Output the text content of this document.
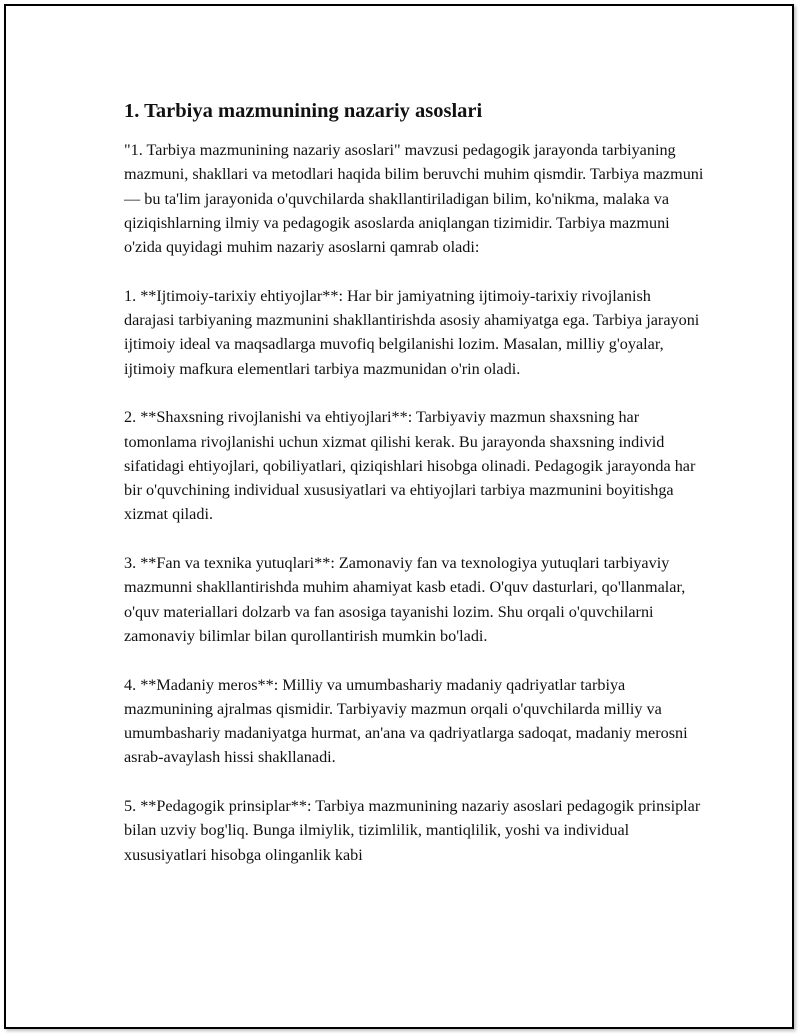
1. Tarbiya mazmunining nazariy asoslari

"1. Tarbiya mazmunining nazariy asoslari" mavzusi pedagogik jarayonda tarbiyaning mazmuni, shakllari va metodlari haqida bilim beruvchi muhim qismdir. Tarbiya mazmuni — bu ta'lim jarayonida o'quvchilarda shakllantiriladigan bilim, ko'nikma, malaka va qiziqishlarning ilmiy va pedagogik asoslarda aniqlangan tizimidir. Tarbiya mazmuni o'zida quyidagi muhim nazariy asoslarni qamrab oladi:

1. **Ijtimoiy-tarixiy ehtiyojlar**: Har bir jamiyatning ijtimoiy-tarixiy rivojlanish darajasi tarbiyaning mazmunini shakllantirishda asosiy ahamiyatga ega. Tarbiya jarayoni ijtimoiy ideal va maqsadlarga muvofiq belgilanishi lozim. Masalan, milliy g'oyalar, ijtimoiy mafkura elementlari tarbiya mazmunidan o'rin oladi.

2. **Shaxsning rivojlanishi va ehtiyojlari**: Tarbiyaviy mazmun shaxsning har tomonlama rivojlanishi uchun xizmat qilishi kerak. Bu jarayonda shaxsning individ sifatidagi ehtiyojlari, qobiliyatlari, qiziqishlari hisobga olinadi. Pedagogik jarayonda har bir o'quvchining individual xususiyatlari va ehtiyojlari tarbiya mazmunini boyitishga xizmat qiladi.

3. **Fan va texnika yutuqlari**: Zamonaviy fan va texnologiya yutuqlari tarbiyaviy mazmunni shakllantirishda muhim ahamiyat kasb etadi. O'quv dasturlari, qo'llanmalar, o'quv materiallari dolzarb va fan asosiga tayanishi lozim. Shu orqali o'quvchilarni zamonaviy bilimlar bilan qurollantirish mumkin bo'ladi.

4. **Madaniy meros**: Milliy va umumbashariy madaniy qadriyatlar tarbiya mazmunining ajralmas qismidir. Tarbiyaviy mazmun orqali o'quvchilarda milliy va umumbashariy madaniyatga hurmat, an'ana va qadriyatlarga sadoqat, madaniy merosni asrab-avaylash hissi shakllanadi.

5. **Pedagogik prinsiplar**: Tarbiya mazmunining nazariy asoslari pedagogik prinsiplar bilan uzviy bog'liq. Bunga ilmiylik, tizimlilik, mantiqlilik, yoshi va individual xususiyatlari hisobga olinganlik kabi
